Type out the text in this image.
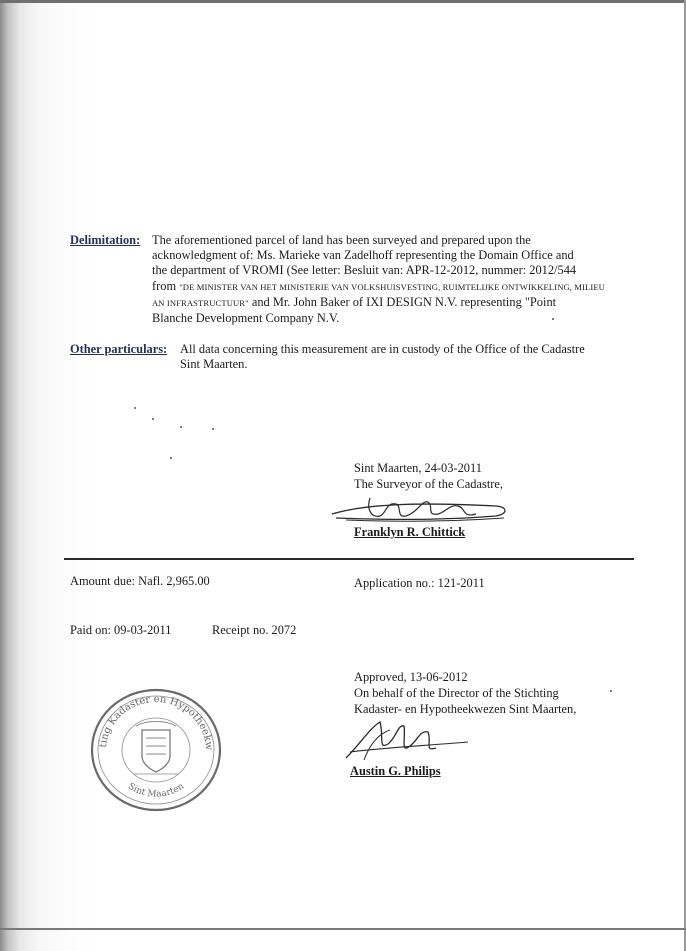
Delimitation: The aforementioned parcel of land has been surveyed and prepared upon the
acknowledgment of: Ms. Marieke van Zadelhoff representing the Domain Office and
the department of VROMI (See letter: Besluit van: APR-12-2012, nummer: 2012/544
from "DE MINISTER VAN HET MINISTERIE VAN VOLKSHUISVESTING, RUIMTELIJKE ONTWIKKELING, MILIEU
AN INFRASTRUCTUUR" and Mr. John Baker of IXI DESIGN N.V. representing "Point
Blanche Development Company N.V.
Other particulars: All data concerning this measurement are in custody of the Office of the Cadastre
Sint Maarten.
Sint Maarten, 24-03-2011
The Surveyor of the Cadastre,
Franklyn R. Chittick
Amount due: Nafl. 2,965.00	Application no.: 121-2011
Paid on: 09-03-2011	Receipt no. 2072
Approved, 13-06-2012
On behalf of the Director of the Stichting
Kadaster- en Hypotheekwezen Sint Maarten,
Austin G. Philips
Stichting Kadaster en Hypotheekwezen
Sint Maarten
